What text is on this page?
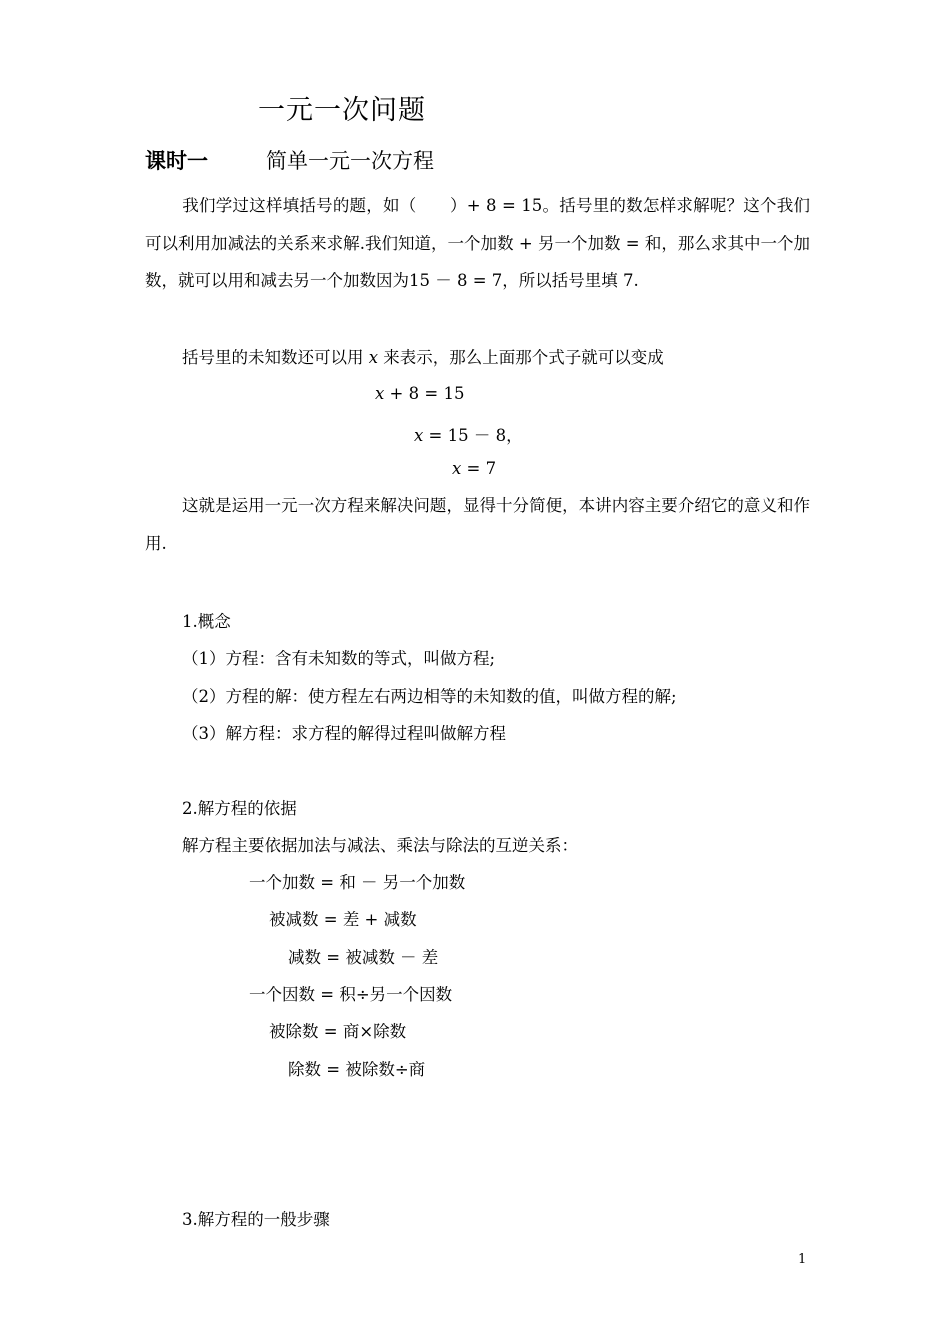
一元一次问题
课时一	简单一元一次方程
我们学过这样填括号的题，如（　　）+ 8 = 15。括号里的数怎样求解呢？这个我们可以利用加减法的关系来求解.我们知道，一个加数 + 另一个加数 = 和，那么求其中一个加数，就可以用和减去另一个加数因为15 － 8 = 7，所以括号里填 7.
括号里的未知数还可以用 x 来表示，那么上面那个式子就可以变成
x + 8 = 15
x = 15 － 8，
x = 7
这就是运用一元一次方程来解决问题，显得十分简便，本讲内容主要介绍它的意义和作用.
1.概念
（1）方程：含有未知数的等式，叫做方程;
（2）方程的解：使方程左右两边相等的未知数的值，叫做方程的解;
（3）解方程：求方程的解得过程叫做解方程
2.解方程的依据
解方程主要依据加法与减法、乘法与除法的互逆关系：
一个加数 = 和 － 另一个加数
被减数 = 差 + 减数
减数 = 被减数 － 差
一个因数 = 积÷另一个因数
被除数 = 商×除数
除数 = 被除数÷商
3.解方程的一般步骤
1
